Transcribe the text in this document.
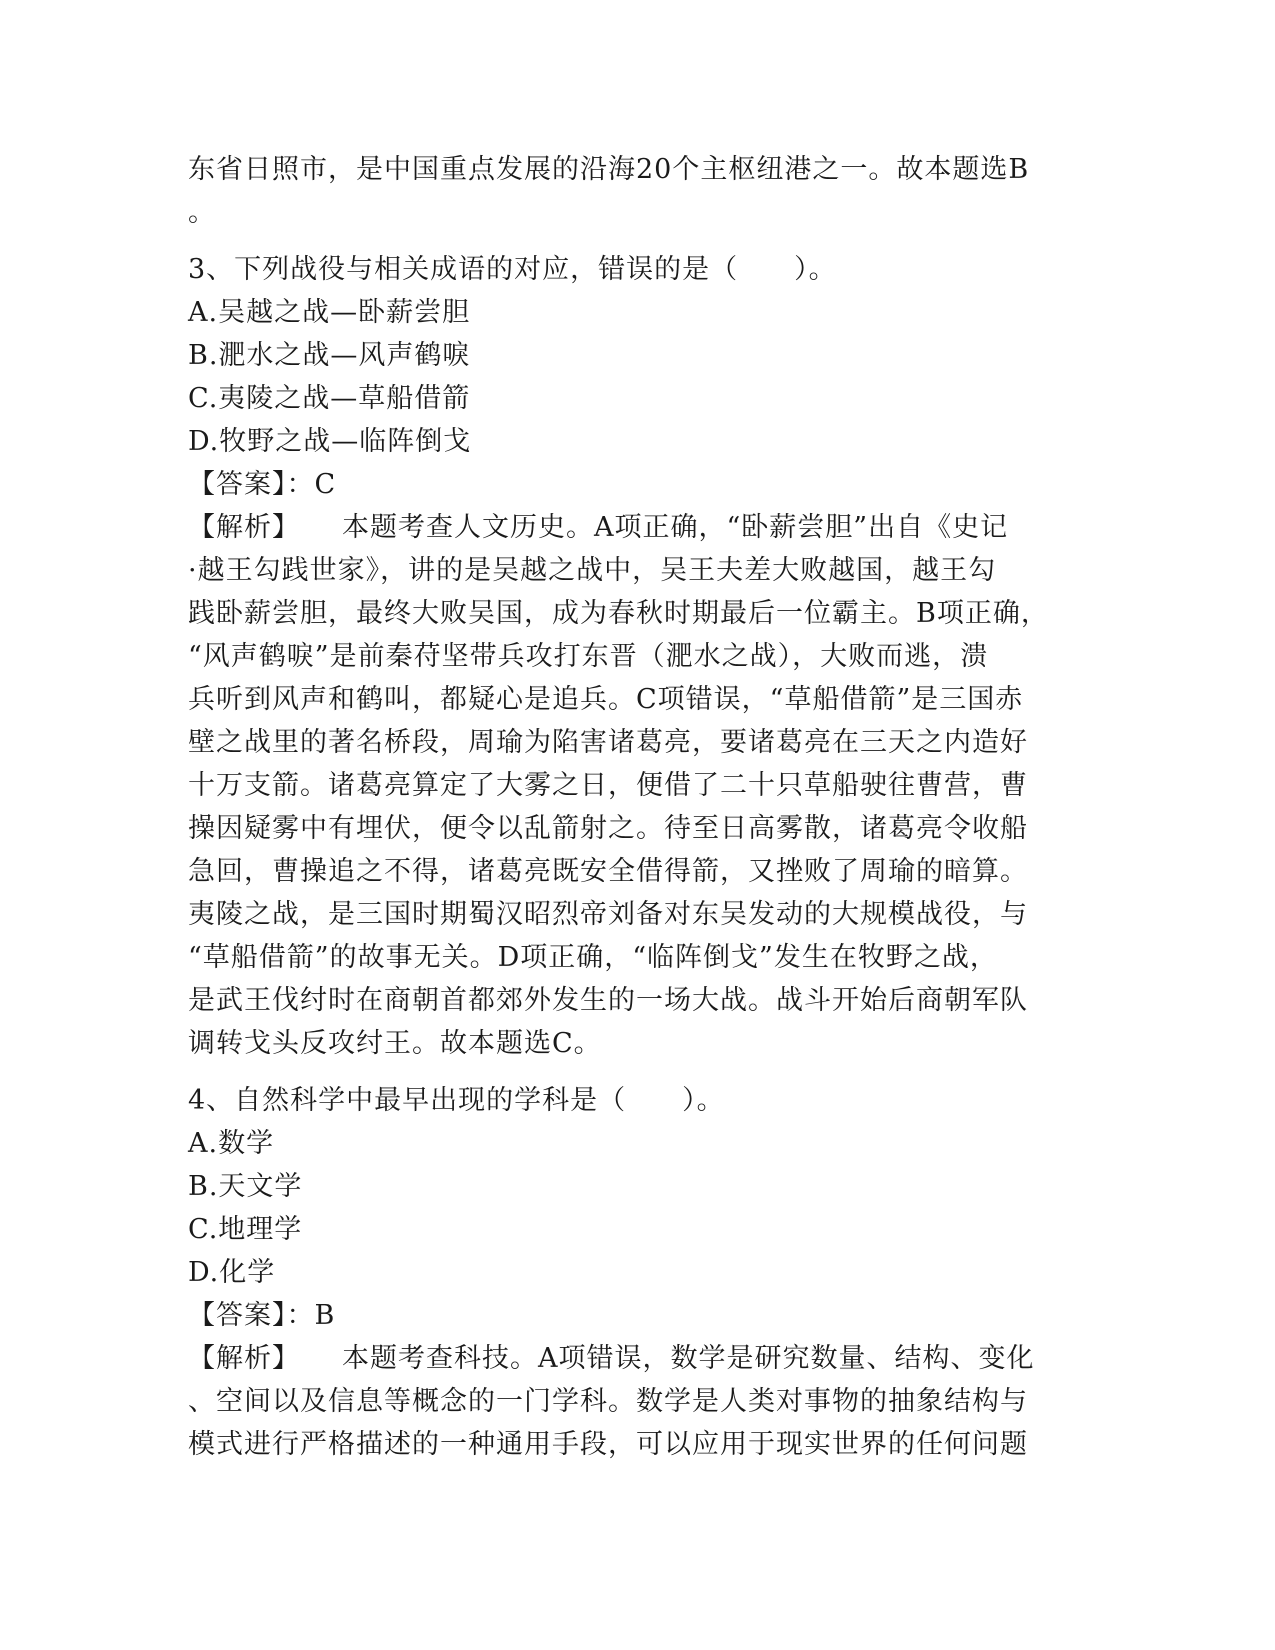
东省日照市，是中国重点发展的沿海20个主枢纽港之一。故本题选B
。
3、下列战役与相关成语的对应，错误的是（　　）。
A.吴越之战—卧薪尝胆
B.淝水之战—风声鹤唳
C.夷陵之战—草船借箭
D.牧野之战—临阵倒戈
【答案】：C
【解析】 本题考查人文历史。A项正确，“卧薪尝胆”出自《史记
·越王勾践世家》，讲的是吴越之战中，吴王夫差大败越国，越王勾
践卧薪尝胆，最终大败吴国，成为春秋时期最后一位霸主。B项正确，
“风声鹤唳”是前秦苻坚带兵攻打东晋（淝水之战），大败而逃，溃
兵听到风声和鹤叫，都疑心是追兵。C项错误，“草船借箭”是三国赤
壁之战里的著名桥段，周瑜为陷害诸葛亮，要诸葛亮在三天之内造好
十万支箭。诸葛亮算定了大雾之日，便借了二十只草船驶往曹营，曹
操因疑雾中有埋伏，便令以乱箭射之。待至日高雾散，诸葛亮令收船
急回，曹操追之不得，诸葛亮既安全借得箭，又挫败了周瑜的暗算。
夷陵之战，是三国时期蜀汉昭烈帝刘备对东吴发动的大规模战役，与
“草船借箭”的故事无关。D项正确，“临阵倒戈”发生在牧野之战，
是武王伐纣时在商朝首都郊外发生的一场大战。战斗开始后商朝军队
调转戈头反攻纣王。故本题选C。
4、自然科学中最早出现的学科是（　　）。
A.数学
B.天文学
C.地理学
D.化学
【答案】：B
【解析】 本题考查科技。A项错误，数学是研究数量、结构、变化
、空间以及信息等概念的一门学科。数学是人类对事物的抽象结构与
模式进行严格描述的一种通用手段，可以应用于现实世界的任何问题
